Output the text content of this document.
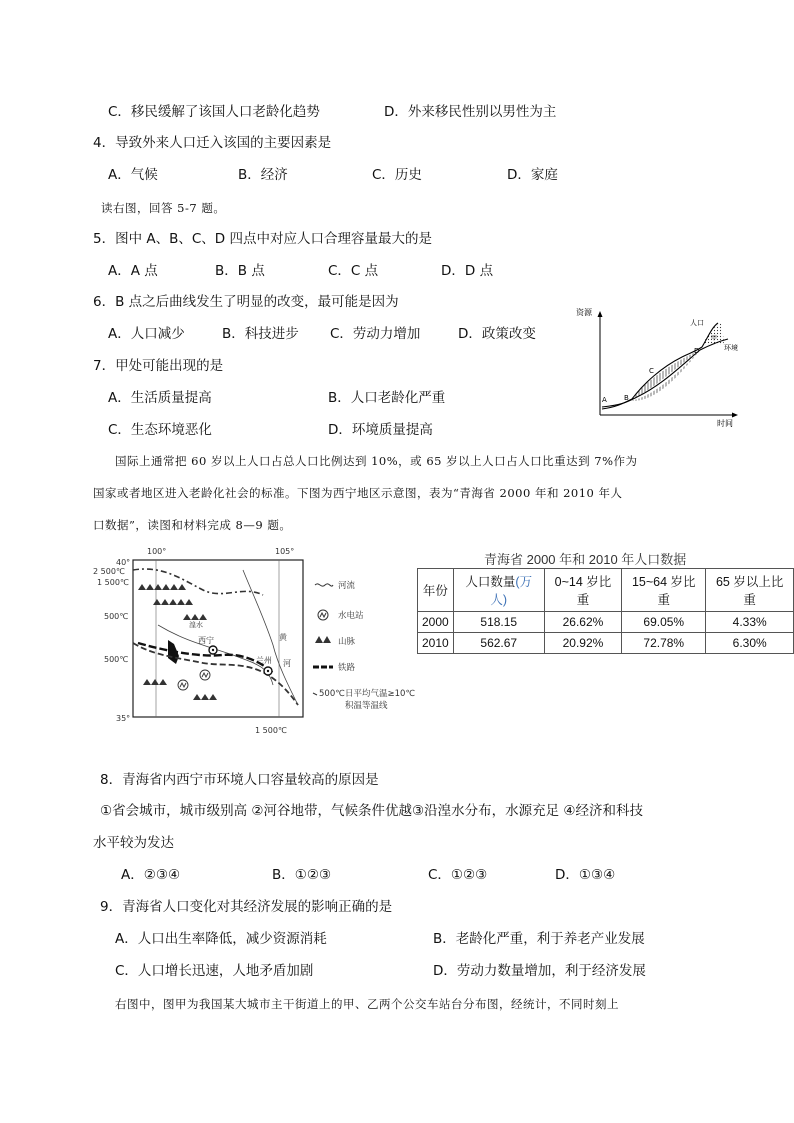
C．移民缓解了该国人口老龄化趋势	D．外来移民性别以男性为主
4．导致外来人口迁入该国的主要因素是
A．气候	B．经济	C．历史	D．家庭
读右图，回答 5-7 题。
5．图中 A、B、C、D 四点中对应人口合理容量最大的是
A．A 点	B．B 点	C．C 点	D．D 点
6．B 点之后曲线发生了明显的改变，最可能是因为
A．人口减少	B．科技进步 C．劳动力增加	D．政策改变
7．甲处可能出现的是
A．生活质量提高	B．人口老龄化严重
C．生态环境恶化	D．环境质量提高
资源
时间
A B
C
D
人口
环境
甲
国际上通常把 60 岁以上人口占总人口比例达到 10%，或 65 岁以上人口占人口比重达到 7%作为
国家或者地区进入老龄化社会的标准。下图为西宁地区示意图，表为“青海省 2000 年和 2010 年人
口数据”，读图和材料完成 8—9 题。
100°	105°
40°
35°
2 500℃
1 500℃
500℃
500℃
1 500℃
西宁
兰州
黄
河
湟水
河流
水电站
山脉
铁路
500℃ 日平均气温≥10℃
积温等温线
青海省 2000 年和 2010 年人口数据
年份	人口数量(万人)	0~14 岁比重	15~64 岁比重	65 岁以上比重
2000	518.15	26.62%	69.05%	4.33%
2010	562.67	20.92%	72.78%	6.30%
8．青海省内西宁市环境人口容量较高的原因是
①省会城市，城市级别高 ②河谷地带，气候条件优越③沿湟水分布，水源充足 ④经济和科技
水平较为发达
A．②③④	B．①②③	C．①②③	D．①③④
9．青海省人口变化对其经济发展的影响正确的是
A．人口出生率降低，减少资源消耗	B．老龄化严重，利于养老产业发展
C．人口增长迅速，人地矛盾加剧	D．劳动力数量增加，利于经济发展
右图中，图甲为我国某大城市主干街道上的甲、乙两个公交车站台分布图，经统计，不同时刻上
